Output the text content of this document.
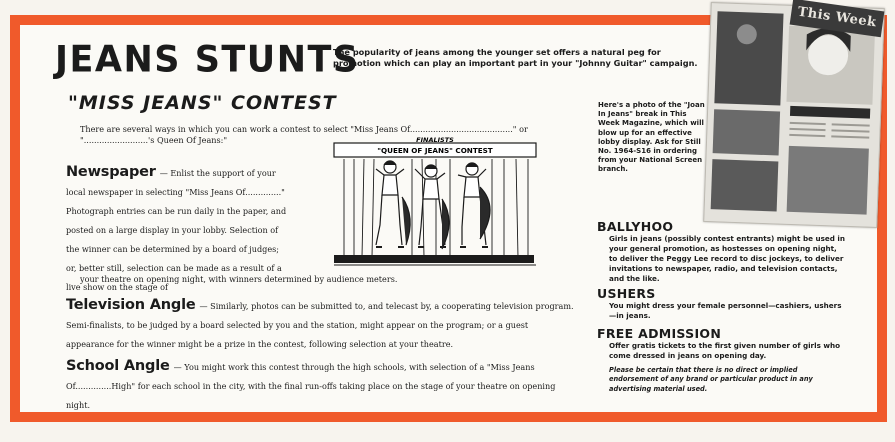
JEANS STUNTS
The popularity of jeans among the younger set offers a natural peg for promotion which can play an important part in your "Johnny Guitar" campaign.
"MISS JEANS" CONTEST
There are several ways in which you can work a contest to select "Miss Jeans Of........................................" or ".........................'s Queen Of Jeans:"
Newspaper — Enlist the support of your local newspaper in selecting "Miss Jeans Of.............." Photograph entries can be run daily in the paper, and posted on a large display in your lobby. Selection of the winner can be determined by a board of judges; or, better still, selection can be made as a result of a live show on the stage of
your theatre on opening night, with winners determined by audience meters.
FINALISTS
"QUEEN OF JEANS" CONTEST
Television Angle — Similarly, photos can be submitted to, and telecast by, a cooperating television program. Semi-finalists, to be judged by a board selected by you and the station, might appear on the program; or a guest appearance for the winner might be a prize in the contest, following selection at your theatre.
School Angle — You might work this contest through the high schools, with selection of a "Miss Jeans Of..............High" for each school in the city, with the final run-offs taking place on the stage of your theatre on opening night.
Here's a photo of the "Joan In Jeans" break in This Week Magazine, which will blow up for an effective lobby display. Ask for Still No. 1964-S16 in ordering from your National Screen branch.
This Week
BALLYHOO
Girls in jeans (possibly contest entrants) might be used in your general promotion, as hostesses on opening night, to deliver the Peggy Lee record to disc jockeys, to deliver invitations to newspaper, radio, and television contacts, and the like.
USHERS
You might dress your female personnel—cashiers, ushers—in jeans.
FREE ADMISSION
Offer gratis tickets to the first given number of girls who come dressed in jeans on opening day.
Please be certain that there is no direct or implied endorsement of any brand or particular product in any advertising material used.
